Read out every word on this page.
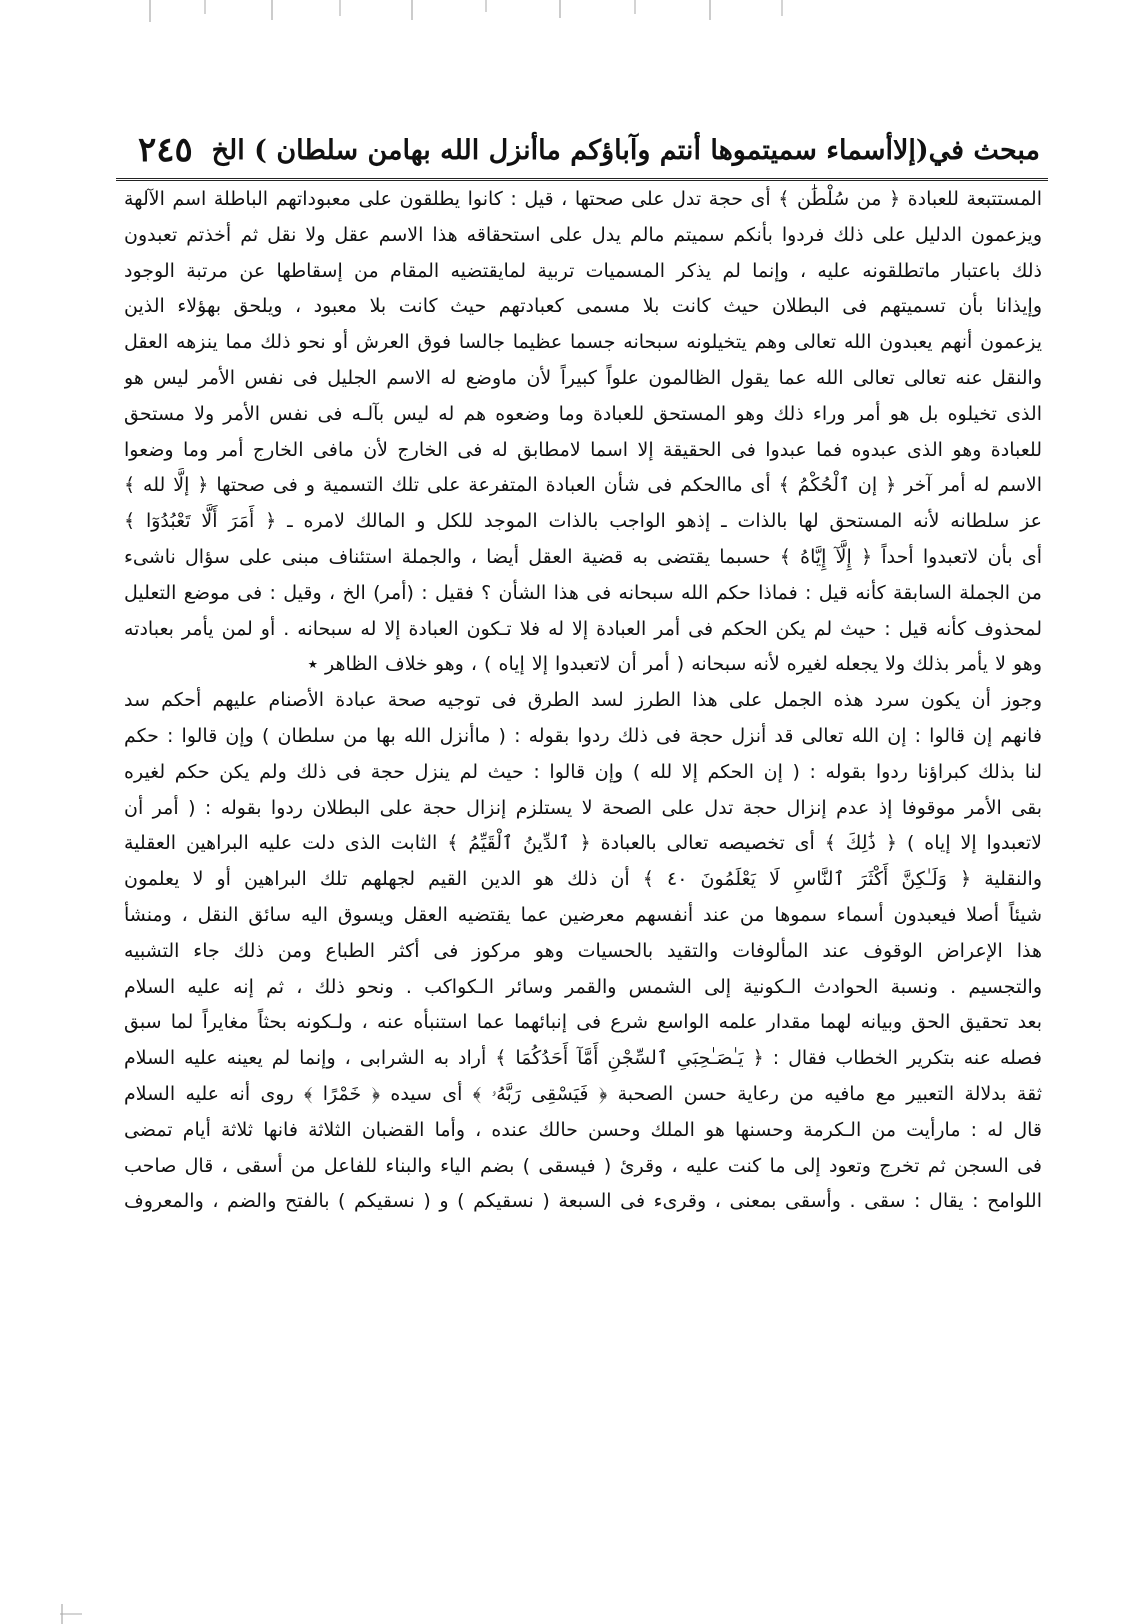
مبحث في(إلاأسماء سميتموها أنتم وآباؤكم ماأنزل الله بهامن سلطان ) الخ
٢٤٥
المستتبعة للعبادة ﴿ من سُلْطَٰن ﴾ أى حجة تدل على صحتها ، قيل : كانوا يطلقون على معبوداتهم الباطلة اسم الآلهة
ويزعمون الدليل على ذلك فردوا بأنكم سميتم مالم يدل على استحقاقه هذا الاسم عقل ولا نقل ثم أخذتم تعبدون
ذلك باعتبار ماتطلقونه عليه ، وإنما لم يذكر المسميات تربية لمايقتضيه المقام من إسقاطها عن مرتبة الوجود
وإيذانا بأن تسميتهم فى البطلان حيث كانت بلا مسمى كعبادتهم حيث كانت بلا معبود ، ويلحق بهؤلاء الذين
يزعمون أنهم يعبدون الله تعالى وهم يتخيلونه سبحانه جسما عظيما جالسا فوق العرش أو نحو ذلك مما ينزهه العقل
والنقل عنه تعالى تعالى الله عما يقول الظالمون علواً كبيراً لأن ماوضع له الاسم الجليل فى نفس الأمر ليس هو
الذى تخيلوه بل هو أمر وراء ذلك وهو المستحق للعبادة وما وضعوه هم له ليس بآلـه فى نفس الأمر ولا مستحق
للعبادة وهو الذى عبدوه فما عبدوا فى الحقيقة إلا اسما لامطابق له فى الخارج لأن مافى الخارج أمر وما وضعوا
الاسم له أمر آخر ﴿ إن ٱلْحُكْمُ ﴾ أى ماالحكم فى شأن العبادة المتفرعة على تلك التسمية و فى صحتها ﴿ إلَّا لله ﴾
عز سلطانه لأنه المستحق لها بالذات ـ إذهو الواجب بالذات الموجد للكل و المالك لامره ـ ﴿ أَمَرَ أَلَّا تَعْبُدُوٓا ﴾
أى بأن لاتعبدوا أحداً ﴿ إِلَّآ إِيَّاهُ ﴾ حسبما يقتضى به قضية العقل أيضا ، والجملة استئناف مبنى على سؤال ناشىء
من الجملة السابقة كأنه قيل : فماذا حكم الله سبحانه فى هذا الشأن ؟ فقيل : (أمر) الخ ، وقيل : فى موضع التعليل
لمحذوف كأنه قيل : حيث لم يكن الحكم فى أمر العبادة إلا له فلا تـكون العبادة إلا له سبحانه . أو لمن يأمر بعبادته
وهو لا يأمر بذلك ولا يجعله لغيره لأنه سبحانه ( أمر أن لاتعبدوا إلا إياه ) ، وهو خلاف الظاهر ٭
وجوز أن يكون سرد هذه الجمل على هذا الطرز لسد الطرق فى توجيه صحة عبادة الأصنام عليهم أحكم سد
فانهم إن قالوا : إن الله تعالى قد أنزل حجة فى ذلك ردوا بقوله : ( ماأنزل الله بها من سلطان ) وإن قالوا : حكم
لنا بذلك كبراؤنا ردوا بقوله : ( إن الحكم إلا لله ) وإن قالوا : حيث لم ينزل حجة فى ذلك ولم يكن حكم لغيره
بقى الأمر موقوفا إذ عدم إنزال حجة تدل على الصحة لا يستلزم إنزال حجة على البطلان ردوا بقوله : ( أمر أن
لاتعبدوا إلا إياه ) ﴿ ذَٰلِكَ ﴾ أى تخصيصه تعالى بالعبادة ﴿ ٱلدِّينُ ٱلْقَيِّمُ ﴾ الثابت الذى دلت عليه البراهين العقلية
والنقلية ﴿ وَلَـٰكِنَّ أَكْثَرَ ٱلنَّاسِ لَا يَعْلَمُونَ ٤٠ ﴾ أن ذلك هو الدين القيم لجهلهم تلك البراهين أو لا يعلمون
شيئاً أصلا فيعبدون أسماء سموها من عند أنفسهم معرضين عما يقتضيه العقل ويسوق اليه سائق النقل ، ومنشأ
هذا الإعراض الوقوف عند المألوفات والتقيد بالحسيات وهو مركوز فى أكثر الطباع ومن ذلك جاء التشبيه
والتجسيم . ونسبة الحوادث الـكونية إلى الشمس والقمر وسائر الـكواكب . ونحو ذلك ، ثم إنه عليه السلام
بعد تحقيق الحق وبيانه لهما مقدار علمه الواسع شرع فى إنبائهما عما استنبأه عنه ، ولـكونه بحثاً مغايراً لما سبق
فصله عنه بتكرير الخطاب فقال : ﴿ يَـٰصَـٰحِبَىِ ٱلسِّجْنِ أَمَّآ أَحَدُكُمَا ﴾ أراد به الشرابى ، وإنما لم يعينه عليه السلام
ثقة بدلالة التعبير مع مافيه من رعاية حسن الصحبة ﴿ فَيَسْقِى رَبَّهُۥ ﴾ أى سيده ﴿ خَمْرًا ﴾ روى أنه عليه السلام
قال له : مارأيت من الـكرمة وحسنها هو الملك وحسن حالك عنده ، وأما القضبان الثلاثة فانها ثلاثة أيام تمضى
فى السجن ثم تخرج وتعود إلى ما كنت عليه ، وقرئ ( فيسقى ) بضم الياء والبناء للفاعل من أسقى ، قال صاحب
اللوامح : يقال : سقى . وأسقى بمعنى ، وقرىء فى السبعة ( نسقيكم ) و ( نسقيكم ) بالفتح والضم ، والمعروف
